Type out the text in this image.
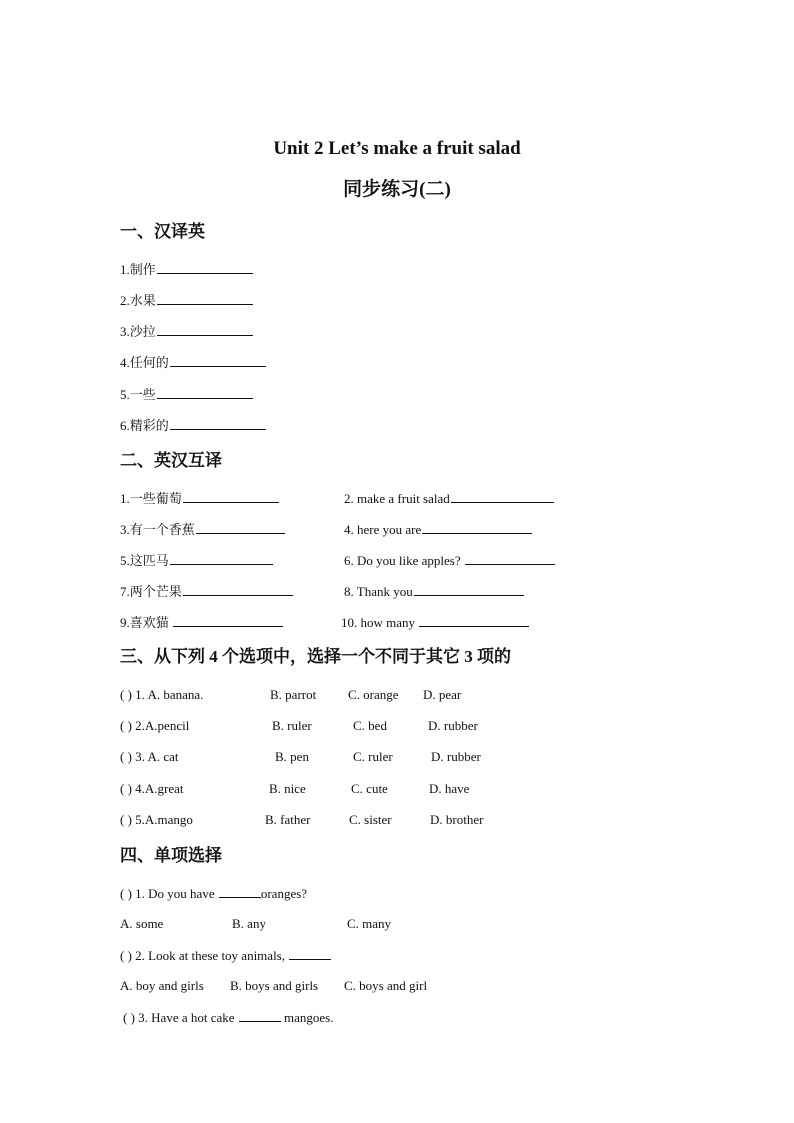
Unit 2 Let’s make a fruit salad
同步练习(二)
一、汉译英
1.制作
2.水果
3.沙拉
4.任何的
5.一些
6.精彩的
二、英汉互译
1.一些葡萄	2. make a fruit salad
3.有一个香蕉	4. here you are
5.这匹马	6. Do you like apples?
7.两个芒果	8. Thank you
9.喜欢猫	10. how many
三、从下列 4 个选项中，选择一个不同于其它 3 项的
( ) 1. A. banana.	B. parrot C. orange D. pear
( ) 2.A.pencil	B. ruler	C. bed	D. rubber
( ) 3. A. cat	B. pen	C. ruler	D. rubber
( ) 4.A.great	B. nice	C. cute	D. have
( ) 5.A.mango	B. father	C. sister	D. brother
四、单项选择
( ) 1. Do you have	oranges?
A. some	B. any	C. many
( ) 2. Look at these toy animals,
A. boy and girls B. boys and girls C. boys and girl
( ) 3. Have a hot cake	mangoes.
